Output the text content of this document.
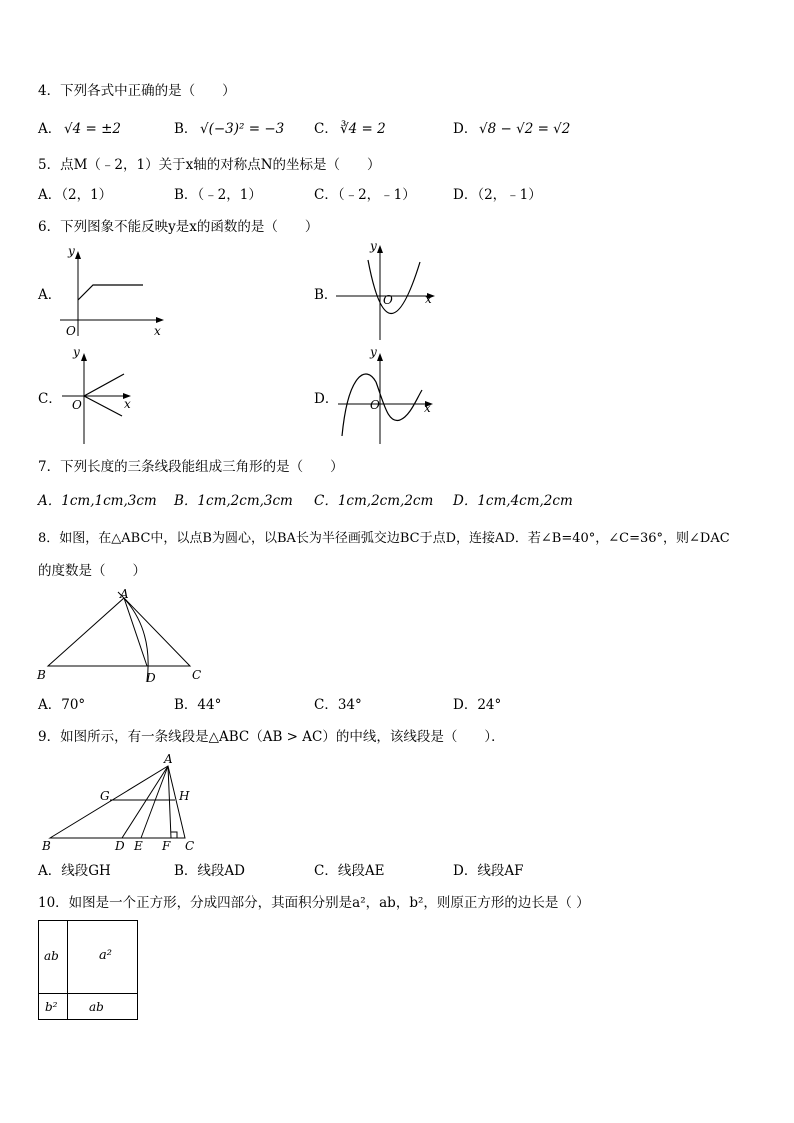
4．下列各式中正确的是（　　）
A． √4 = ±2	B． √(−3)² = −3 C． ∛4 = 2	D． √8 − √2 = √2
5．点M（﹣2，1）关于x轴的对称点N的坐标是（　　）
A．（2，1）	B．（﹣2，1）	C．（﹣2，﹣1）	D．（2，﹣1）
6．下列图象不能反映y是x的函数的是（　　）
A．	B．
C．	D．
y
x
O
y
x
O
y
x
O
y
x
O
7．下列长度的三条线段能组成三角形的是（　　）
A．1cm,1cm,3cm B．1cm,2cm,3cm C．1cm,2cm,2cm D．1cm,4cm,2cm
8．如图，在△ABC中，以点B为圆心，以BA长为半径画弧交边BC于点D，连接AD．若∠B=40°，∠C=36°，则∠DAC
的度数是（　　）
A
B	C
D
A．70°	B．44°	C．34°	D．24°
9．如图所示，有一条线段是△ABC（AB > AC）的中线，该线段是（　　）．
A
B	C
D E F
G	H
A．线段GH	B．线段AD	C．线段AE	D．线段AF
10．如图是一个正方形，分成四部分，其面积分别是a²，ab，b²，则原正方形的边长是（ ）
ab	a²
b²	ab
